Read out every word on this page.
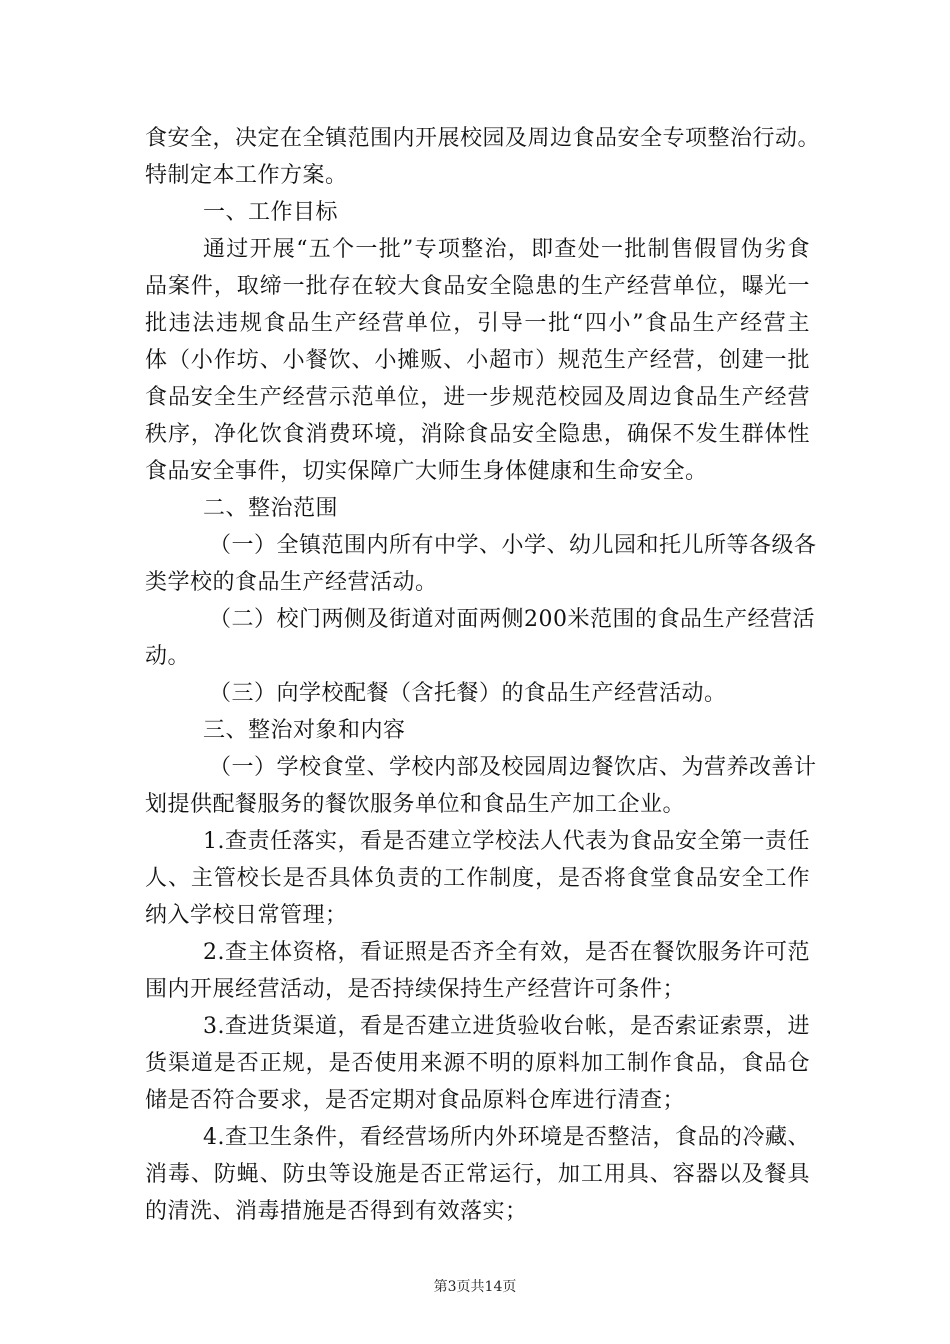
食安全，决定在全镇范围内开展校园及周边食品安全专项整治行动。
特制定本工作方案。
一、工作目标
通过开展“五个一批”专项整治，即查处一批制售假冒伪劣食
品案件，取缔一批存在较大食品安全隐患的生产经营单位，曝光一
批违法违规食品生产经营单位，引导一批“四小”食品生产经营主
体（小作坊、小餐饮、小摊贩、小超市）规范生产经营，创建一批
食品安全生产经营示范单位，进一步规范校园及周边食品生产经营
秩序，净化饮食消费环境，消除食品安全隐患，确保不发生群体性
食品安全事件，切实保障广大师生身体健康和生命安全。
二、整治范围
（一）全镇范围内所有中学、小学、幼儿园和托儿所等各级各
类学校的食品生产经营活动。
（二）校门两侧及街道对面两侧200米范围的食品生产经营活
动。
（三）向学校配餐（含托餐）的食品生产经营活动。
三、整治对象和内容
（一）学校食堂、学校内部及校园周边餐饮店、为营养改善计
划提供配餐服务的餐饮服务单位和食品生产加工企业。
1.查责任落实，看是否建立学校法人代表为食品安全第一责任
人、主管校长是否具体负责的工作制度，是否将食堂食品安全工作
纳入学校日常管理；
2.查主体资格，看证照是否齐全有效，是否在餐饮服务许可范
围内开展经营活动，是否持续保持生产经营许可条件；
3.查进货渠道，看是否建立进货验收台帐，是否索证索票，进
货渠道是否正规，是否使用来源不明的原料加工制作食品，食品仓
储是否符合要求，是否定期对食品原料仓库进行清查；
4.查卫生条件，看经营场所内外环境是否整洁，食品的冷藏、
消毒、防蝇、防虫等设施是否正常运行，加工用具、容器以及餐具
的清洗、消毒措施是否得到有效落实；
第3页共14页
